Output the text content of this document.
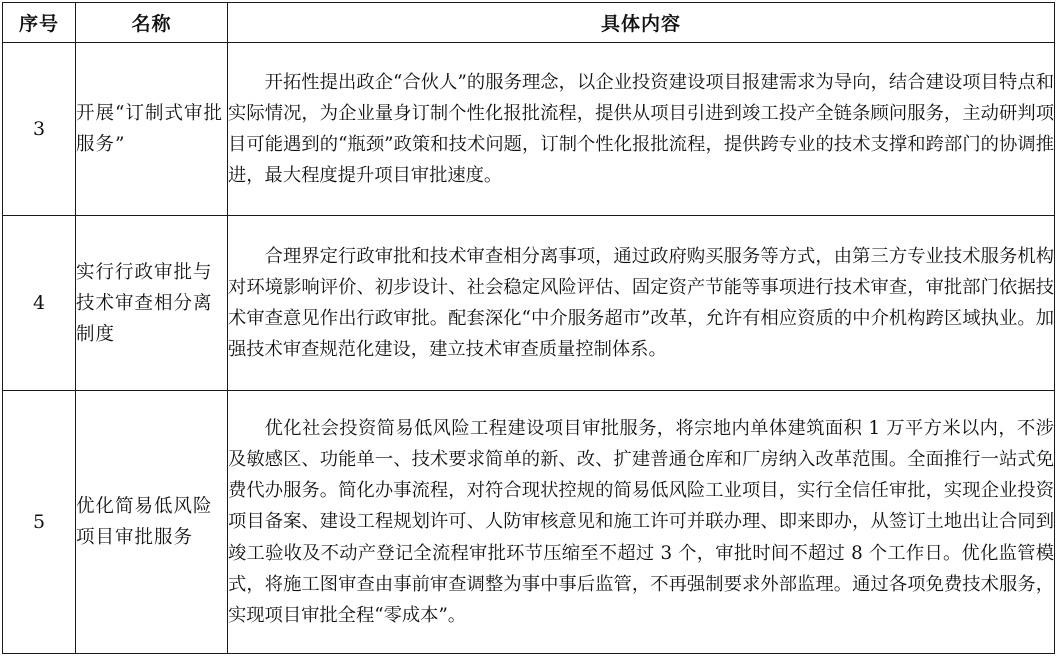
序号	名称	具体内容
3	开展“订制式审批服务”	开拓性提出政企“合伙人”的服务理念，以企业投资建设项目报建需求为导向，结合建设项目特点和实际情况，为企业量身订制个性化报批流程，提供从项目引进到竣工投产全链条顾问服务，主动研判项目可能遇到的“瓶颈”政策和技术问题，订制个性化报批流程，提供跨专业的技术支撑和跨部门的协调推进，最大程度提升项目审批速度。
4	实行行政审批与技术审查相分离制度	合理界定行政审批和技术审查相分离事项，通过政府购买服务等方式，由第三方专业技术服务机构对环境影响评价、初步设计、社会稳定风险评估、固定资产节能等事项进行技术审查，审批部门依据技术审查意见作出行政审批。配套深化“中介服务超市”改革，允许有相应资质的中介机构跨区域执业。加强技术审查规范化建设，建立技术审查质量控制体系。
5	优化简易低风险项目审批服务	优化社会投资简易低风险工程建设项目审批服务，将宗地内单体建筑面积 1 万平方米以内，不涉及敏感区、功能单一、技术要求简单的新、改、扩建普通仓库和厂房纳入改革范围。全面推行一站式免费代办服务。简化办事流程，对符合现状控规的简易低风险工业项目，实行全信任审批，实现企业投资项目备案、建设工程规划许可、人防审核意见和施工许可并联办理、即来即办，从签订土地出让合同到竣工验收及不动产登记全流程审批环节压缩至不超过 3 个，审批时间不超过 8 个工作日。优化监管模式，将施工图审查由事前审查调整为事中事后监管，不再强制要求外部监理。通过各项免费技术服务，实现项目审批全程“零成本”。
